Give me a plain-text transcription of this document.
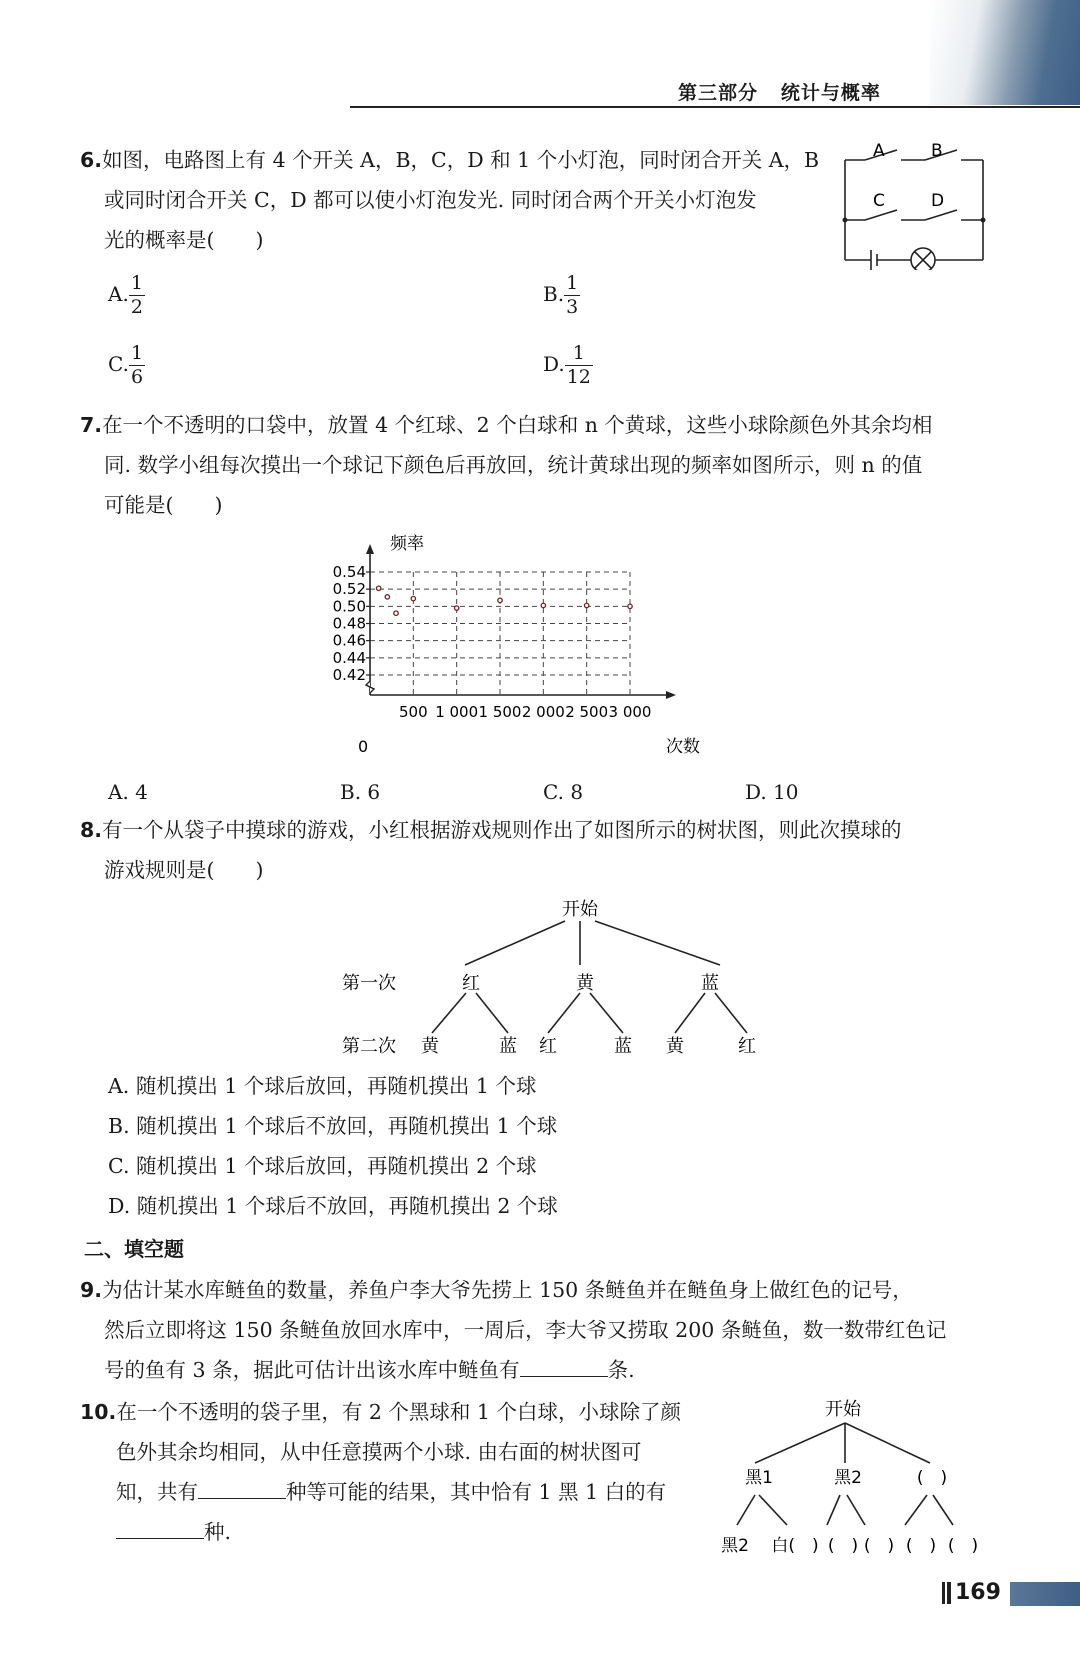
第三部分   统计与概率
6.如图，电路图上有 4 个开关 A，B，C，D 和 1 个小灯泡，同时闭合开关 A，B
或同时闭合开关 C，D 都可以使小灯泡发光. 同时闭合两个开关小灯泡发
光的概率是(　　)
A	B
C	D
A. $\frac{1}{2}$	B. $\frac{1}{3}$
C. $\frac{1}{6}$	D. $\frac{1}{12}$
7.在一个不透明的口袋中，放置 4 个红球、2 个白球和 n 个黄球，这些小球除颜色外其余均相
同. 数学小组每次摸出一个球记下颜色后再放回，统计黄球出现的频率如图所示，则 n 的值
可能是(　　)
0.54
0.52
0.50
0.48
0.46
0.44
0.42
500 1 000 1 500 2 000 2 500 3 000
频率
次数
0
A. 4	B. 6	C. 8	D. 10
8.有一个从袋子中摸球的游戏，小红根据游戏规则作出了如图所示的树状图，则此次摸球的
游戏规则是(　　)
开始
第一次
第二次
红	黄	蓝
黄	蓝 红	蓝 黄	红
A. 随机摸出 1 个球后放回，再随机摸出 1 个球
B. 随机摸出 1 个球后不放回，再随机摸出 1 个球
C. 随机摸出 1 个球后放回，再随机摸出 2 个球
D. 随机摸出 1 个球后不放回，再随机摸出 2 个球
二、填空题
9.为估计某水库鲢鱼的数量，养鱼户李大爷先捞上 150 条鲢鱼并在鲢鱼身上做红色的记号，
然后立即将这 150 条鲢鱼放回水库中，一周后，李大爷又捞取 200 条鲢鱼，数一数带红色记
号的鱼有 3 条，据此可估计出该水库中鲢鱼有	条.
10.在一个不透明的袋子里，有 2 个黑球和 1 个白球，小球除了颜
色外其余均相同，从中任意摸两个小球. 由右面的树状图可
知，共有	种等可能的结果，其中恰有 1 黑 1 白的有
种.
开始
黑1	黑2	(　)
黑2 白(　) (　) (　) (　) (　)
169
